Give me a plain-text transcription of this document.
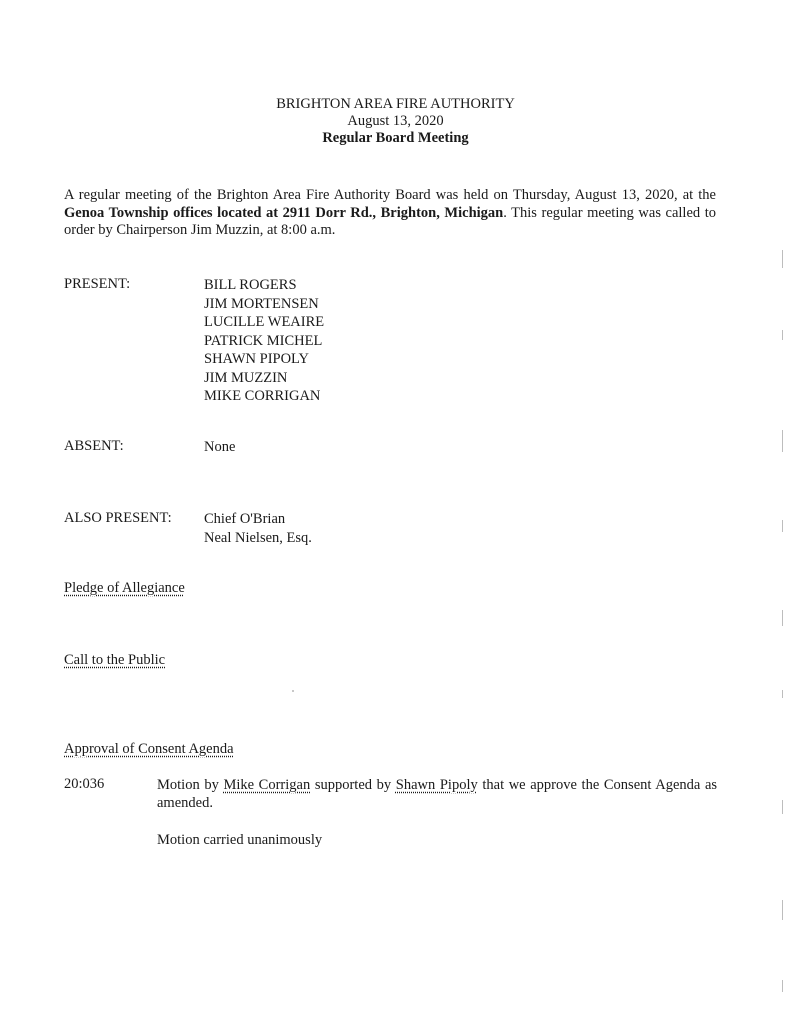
BRIGHTON AREA FIRE AUTHORITY
August 13, 2020
Regular Board Meeting
A regular meeting of the Brighton Area Fire Authority Board was held on Thursday, August 13, 2020, at the Genoa Township offices located at 2911 Dorr Rd., Brighton, Michigan. This regular meeting was called to order by Chairperson Jim Muzzin, at 8:00 a.m.
PRESENT:	BILL ROGERS
JIM MORTENSEN
LUCILLE WEAIRE
PATRICK MICHEL
SHAWN PIPOLY
JIM MUZZIN
MIKE CORRIGAN
ABSENT:	None
ALSO PRESENT: Chief O'Brian
Neal Nielsen, Esq.
Pledge of Allegiance
Call to the Public
Approval of Consent Agenda
20:036	Motion by Mike Corrigan supported by Shawn Pipoly that we approve the Consent Agenda as amended.
Motion carried unanimously
